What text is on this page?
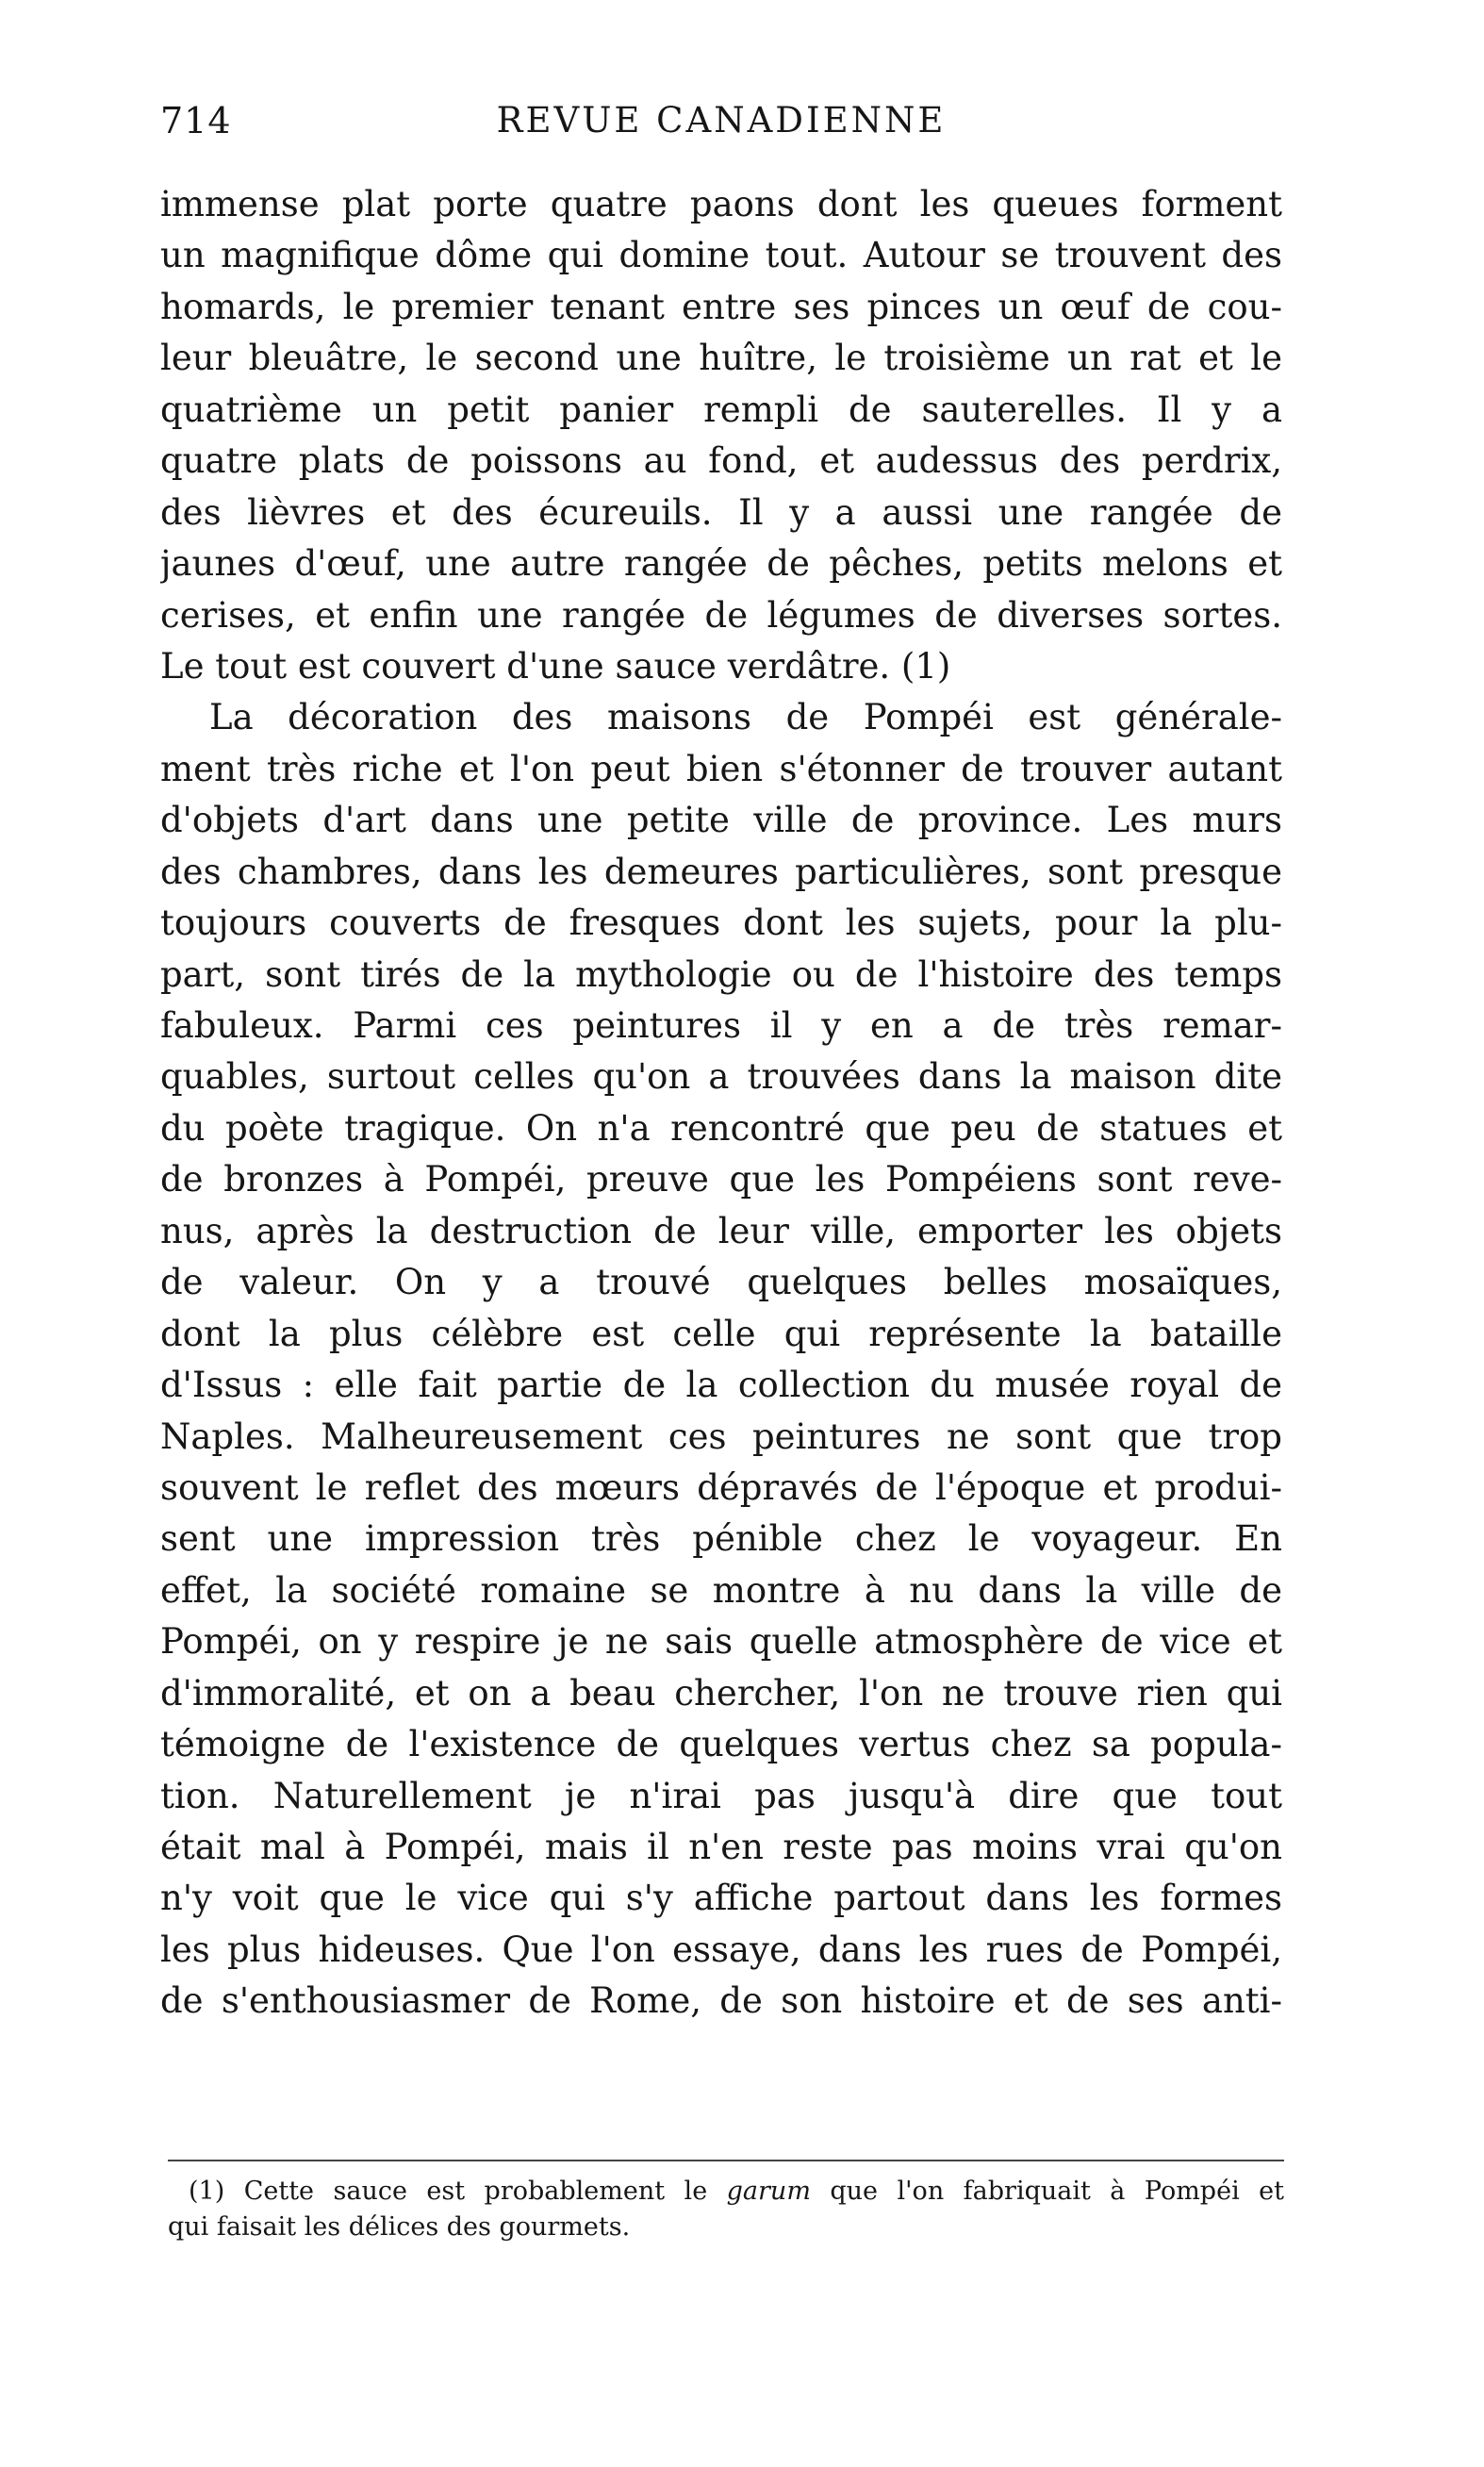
714	REVUE CANADIENNE
immense plat porte quatre paons dont les queues forment
un magnifique dôme qui domine tout. Autour se trouvent des
homards, le premier tenant entre ses pinces un œuf de cou-
leur bleuâtre, le second une huître, le troisième un rat et le
quatrième un petit panier rempli de sauterelles. Il y a
quatre plats de poissons au fond, et audessus des perdrix,
des lièvres et des écureuils. Il y a aussi une rangée de
jaunes d'œuf, une autre rangée de pêches, petits melons et
cerises, et enfin une rangée de légumes de diverses sortes.
Le tout est couvert d'une sauce verdâtre. (1)
La décoration des maisons de Pompéi est générale-
ment très riche et l'on peut bien s'étonner de trouver autant
d'objets d'art dans une petite ville de province. Les murs
des chambres, dans les demeures particulières, sont presque
toujours couverts de fresques dont les sujets, pour la plu-
part, sont tirés de la mythologie ou de l'histoire des temps
fabuleux. Parmi ces peintures il y en a de très remar-
quables, surtout celles qu'on a trouvées dans la maison dite
du poète tragique. On n'a rencontré que peu de statues et
de bronzes à Pompéi, preuve que les Pompéiens sont reve-
nus, après la destruction de leur ville, emporter les objets
de valeur. On y a trouvé quelques belles mosaïques,
dont la plus célèbre est celle qui représente la bataille
d'Issus : elle fait partie de la collection du musée royal de
Naples. Malheureusement ces peintures ne sont que trop
souvent le reflet des mœurs dépravés de l'époque et produi-
sent une impression très pénible chez le voyageur. En
effet, la société romaine se montre à nu dans la ville de
Pompéi, on y respire je ne sais quelle atmosphère de vice et
d'immoralité, et on a beau chercher, l'on ne trouve rien qui
témoigne de l'existence de quelques vertus chez sa popula-
tion. Naturellement je n'irai pas jusqu'à dire que tout
était mal à Pompéi, mais il n'en reste pas moins vrai qu'on
n'y voit que le vice qui s'y affiche partout dans les formes
les plus hideuses. Que l'on essaye, dans les rues de Pompéi,
de s'enthousiasmer de Rome, de son histoire et de ses anti-
(1) Cette sauce est probablement le garum que l'on fabriquait à Pompéi et
qui faisait les délices des gourmets.
